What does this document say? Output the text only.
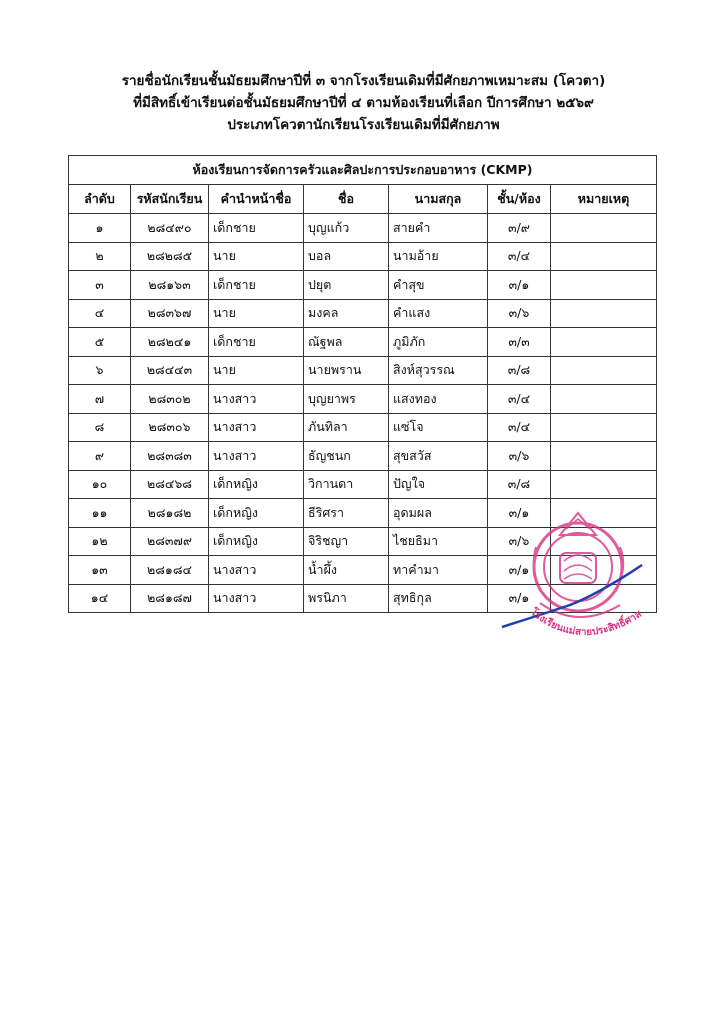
รายชื่อนักเรียนชั้นมัธยมศึกษาปีที่ ๓ จากโรงเรียนเดิมที่มีศักยภาพเหมาะสม (โควตา)
ที่มีสิทธิ์เข้าเรียนต่อชั้นมัธยมศึกษาปีที่ ๔ ตามห้องเรียนที่เลือก ปีการศึกษา ๒๕๖๙
ประเภทโควตานักเรียนโรงเรียนเดิมที่มีศักยภาพ
ห้องเรียนการจัดการครัวและศิลปะการประกอบอาหาร (CKMP)						
ลำดับ	รหัสนักเรียน	คำนำหน้าชื่อ	ชื่อ	นามสกุล	ชั้น/ห้อง	หมายเหตุ
๑	๒๘๔๙๐	เด็กชาย	บุญแก้ว	สายคำ	๓/๙	
๒	๒๘๒๘๕	นาย	บอล	นามอ้าย	๓/๔	
๓	๒๘๑๖๓	เด็กชาย	ปยุต	คำสุข	๓/๑	
๔	๒๘๓๖๗	นาย	มงคล	คำแสง	๓/๖	
๕	๒๘๒๔๑	เด็กชาย	ณัฐพล	ภูมิภัก	๓/๓	
๖	๒๘๔๔๓	นาย	นายพราน	สิงห์สุวรรณ	๓/๘	
๗	๒๘๓๐๒	นางสาว	บุญยาพร	แสงทอง	๓/๔	
๘	๒๘๓๐๖	นางสาว	ภันทิลา	แซ่โจ	๓/๔	
๙	๒๘๓๘๓	นางสาว	ธัญชนก	สุขสวัส	๓/๖	
๑๐	๒๘๔๖๘	เด็กหญิง	วิกานดา	ปัญใจ	๓/๘	
๑๑	๒๘๑๘๒	เด็กหญิง	ธีริศรา	อุดมผล	๓/๑	
๑๒	๒๘๓๗๙	เด็กหญิง	จิริชญา	ไชยธิมา	๓/๖	
๑๓	๒๘๑๘๔	นางสาว	น้ำผึ้ง	ทาคำมา	๓/๑	
๑๔	๒๘๑๘๗	นางสาว	พรนิภา	สุทธิกุล	๓/๑	
โรงเรียนแม่สายประสิทธิ์ศาส
